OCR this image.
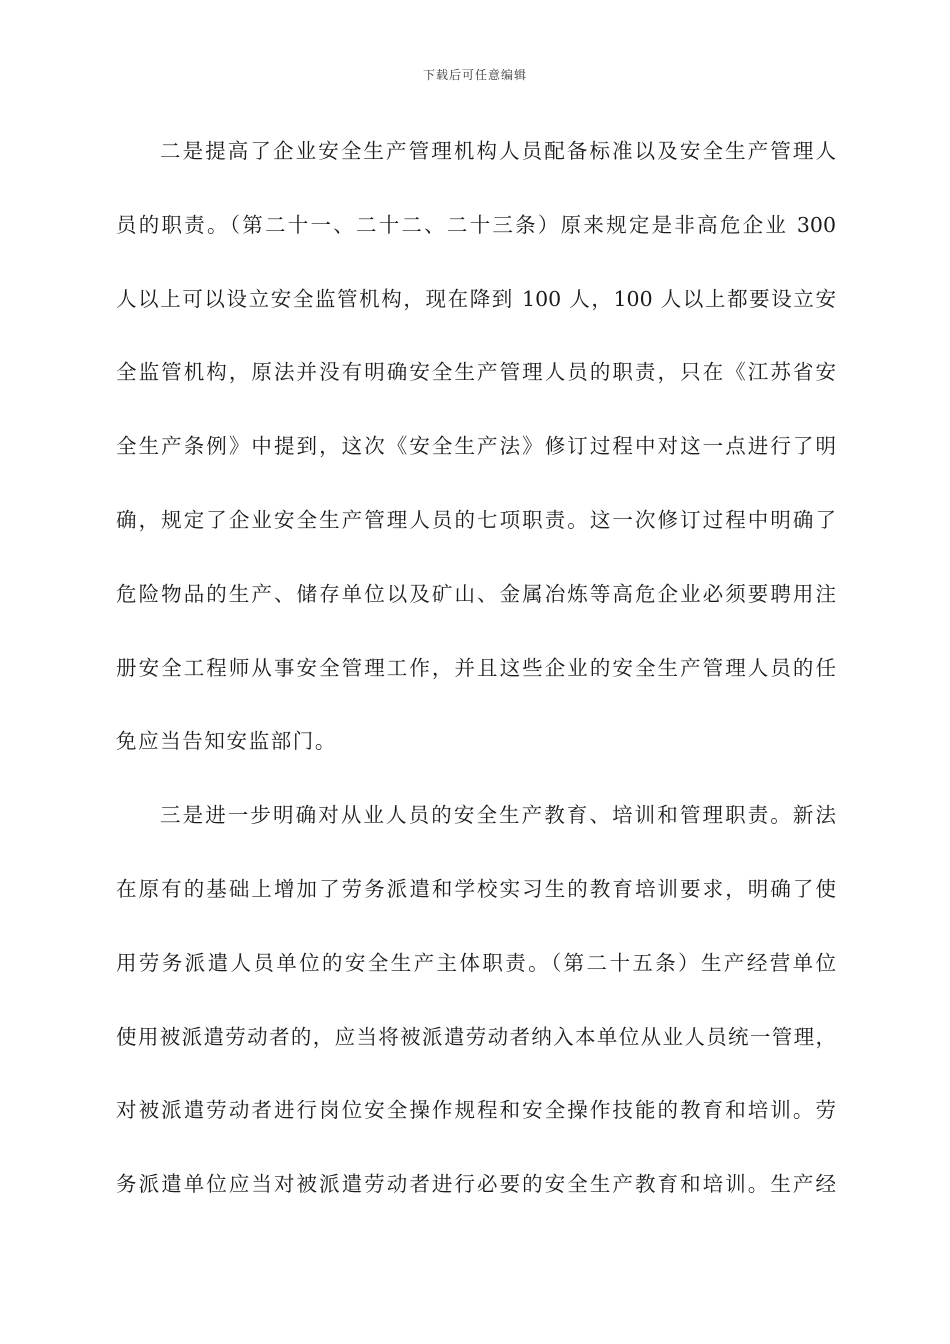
下载后可任意编辑
二是提高了企业安全生产管理机构人员配备标准以及安全生产管理人
员的职责。（第二十一、二十二、二十三条）原来规定是非高危企业 300
人以上可以设立安全监管机构，现在降到 100 人，100 人以上都要设立安
全监管机构，原法并没有明确安全生产管理人员的职责，只在《江苏省安
全生产条例》中提到，这次《安全生产法》修订过程中对这一点进行了明
确，规定了企业安全生产管理人员的七项职责。这一次修订过程中明确了
危险物品的生产、储存单位以及矿山、金属冶炼等高危企业必须要聘用注
册安全工程师从事安全管理工作，并且这些企业的安全生产管理人员的任
免应当告知安监部门。
三是进一步明确对从业人员的安全生产教育、培训和管理职责。新法
在原有的基础上增加了劳务派遣和学校实习生的教育培训要求，明确了使
用劳务派遣人员单位的安全生产主体职责。（第二十五条）生产经营单位
使用被派遣劳动者的，应当将被派遣劳动者纳入本单位从业人员统一管理，
对被派遣劳动者进行岗位安全操作规程和安全操作技能的教育和培训。劳
务派遣单位应当对被派遣劳动者进行必要的安全生产教育和培训。生产经
